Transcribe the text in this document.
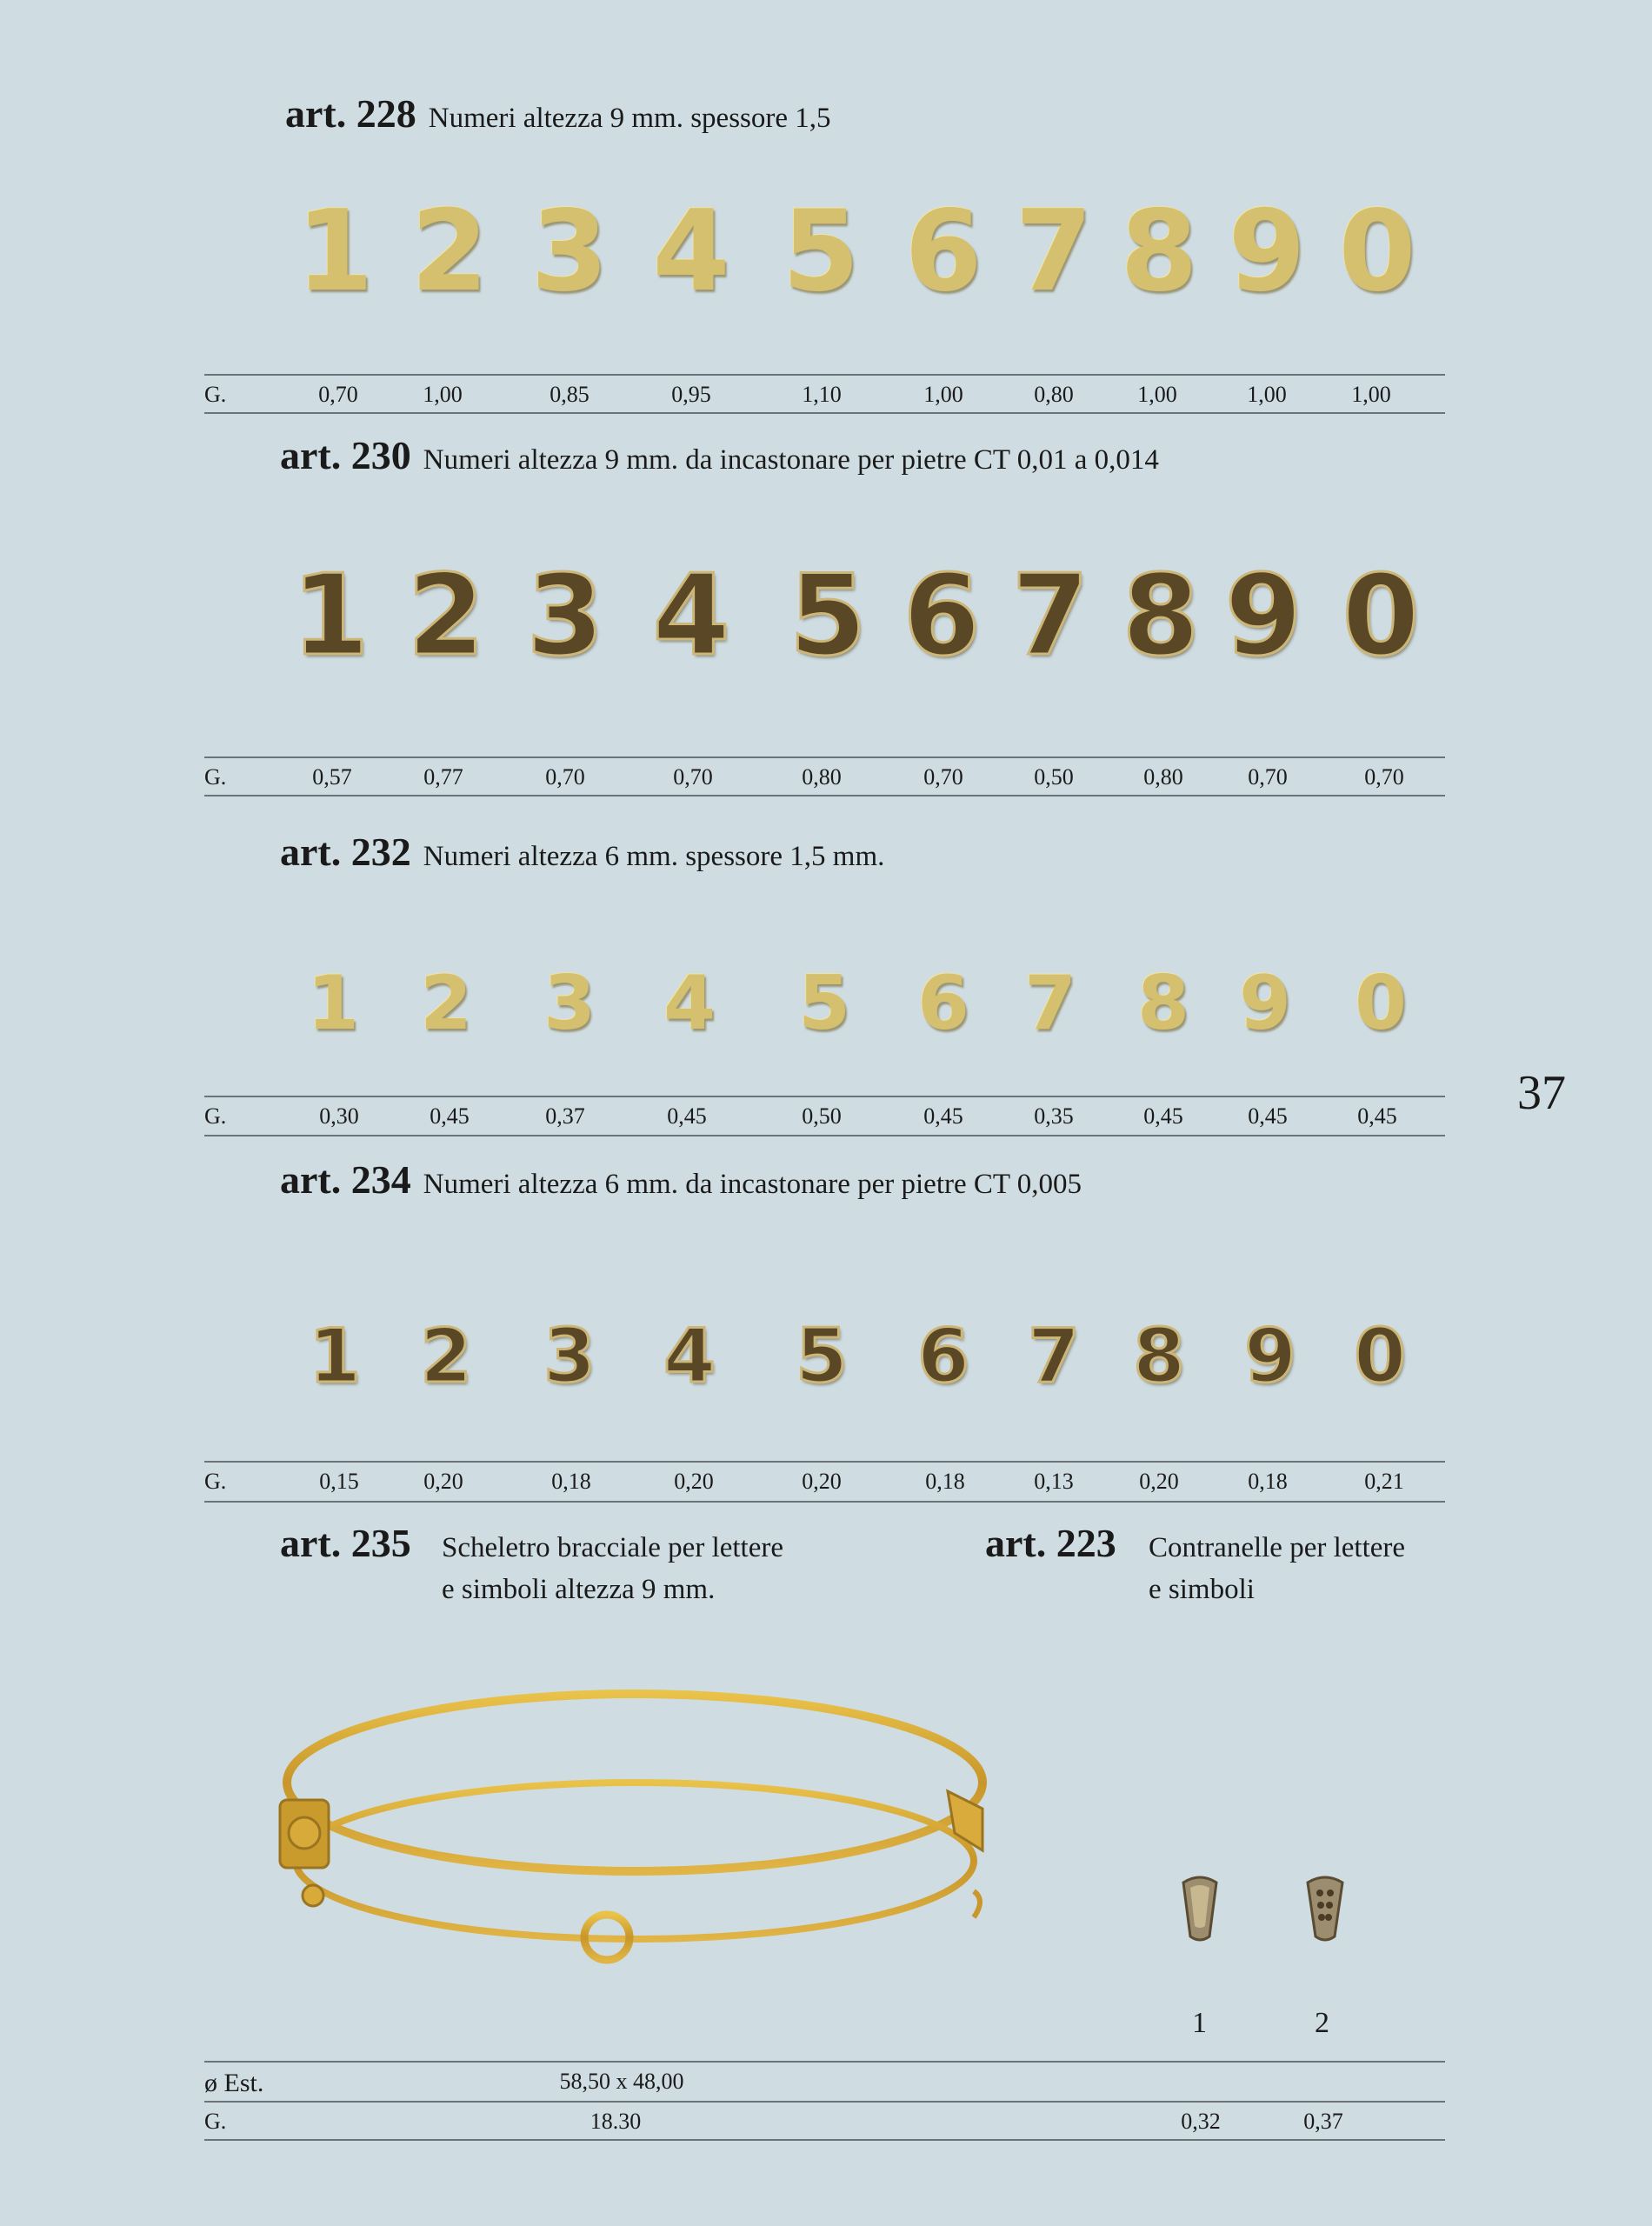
art. 228 Numeri altezza 9 mm. spessore 1,5
1 2 3 4 5 6 7 8 9 0
G.	0,70	1,00	0,85	0,95	1,10	1,00	0,80	1,00	1,00	1,00
art. 230 Numeri altezza 9 mm. da incastonare per pietre CT 0,01 a 0,014
1 2 3 4 5 6 7 8 9 0
G.	0,57	0,77	0,70	0,70	0,80	0,70	0,50	0,80	0,70	0,70
art. 232 Numeri altezza 6 mm. spessore 1,5 mm.
1 2 3 4 5 6 7 8 9 0
G.	0,30	0,45	0,37	0,45	0,50	0,45	0,35	0,45	0,45	0,45 37
art. 234 Numeri altezza 6 mm. da incastonare per pietre CT 0,005
1 2 3 4 5 6 7 8 9 0
G.	0,15	0,20	0,18	0,20	0,20	0,18	0,13	0,20	0,18	0,21
art. 235 Scheletro bracciale per lettere
e simboli altezza 9 mm.
art. 223 Contranelle per lettere
e simboli
1	2
ø Est.	58,50 x 48,00
G.	18.30	0,32	0,37
